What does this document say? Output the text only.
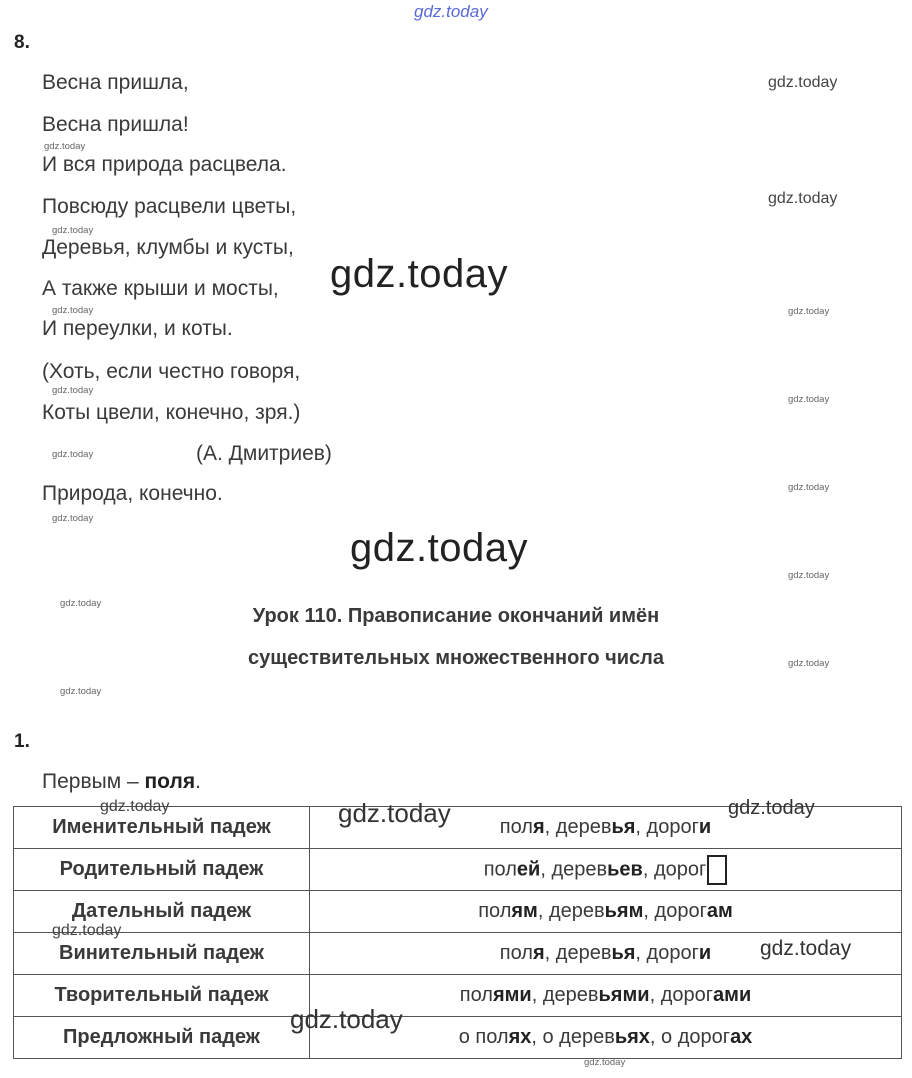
gdz.today
8.
Весна пришла,
Весна пришла!
И вся природа расцвела.
Повсюду расцвели цветы,
Деревья, клумбы и кусты,
А также крыши и мосты,
И переулки, и коты.
(Хоть, если честно говоря,
Коты цвели, конечно, зря.)
(А. Дмитриев)
Природа, конечно.
gdz.today
gdz.today
gdz.today
gdz.today
gdz.today
gdz.today	gdz.today
gdz.today
gdz.today
gdz.today
gdz.today
gdz.today
gdz.today
gdz.today
Урок 110. Правописание окончаний имён
существительных множественного числа
gdz.today
gdz.today
gdz.today
1.
Первым – поля.
Именительный падеж	поля, деревья, дороги
Родительный падеж	полей, деревьев, дорог
Дательный падеж	полям, деревьям, дорогам
Винительный падеж	поля, деревья, дороги
Творительный падеж	полями, деревьями, дорогами
Предложный падеж	о полях, о деревьях, о дорогах
gdz.today	gdz.today	gdz.today
gdz.today
gdz.today
gdz.today
gdz.today
